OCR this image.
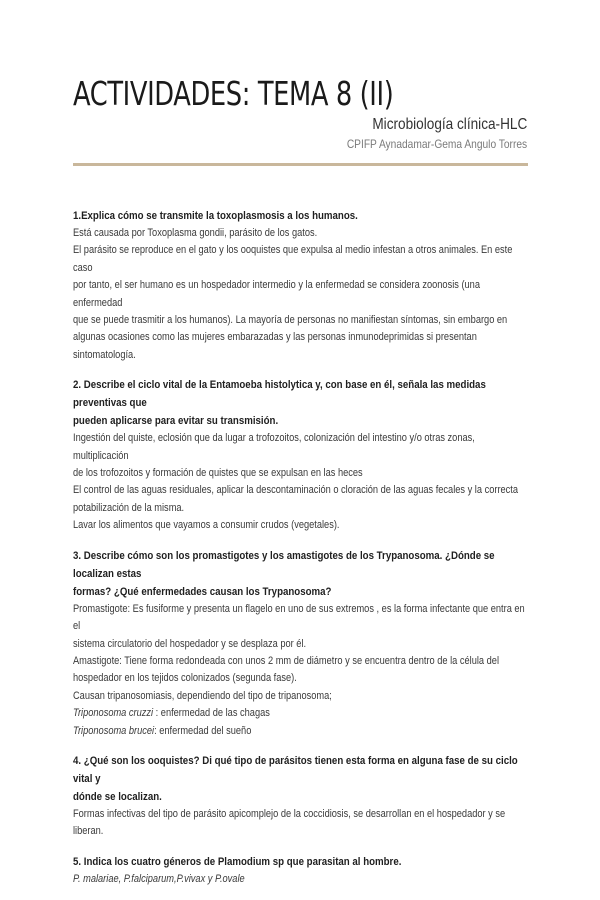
ACTIVIDADES: TEMA 8 (II)
Microbiología clínica-HLC
CPIFP Aynadamar-Gema Angulo Torres

1.Explica cómo se transmite la toxoplasmosis a los humanos.

Está causada por Toxoplasma gondii, parásito de los gatos.

El parásito se reproduce en el gato y los ooquistes que expulsa al medio infestan a otros animales. En este caso

por tanto, el ser humano es un hospedador intermedio y la enfermedad se considera zoonosis (una enfermedad

que se puede trasmitir a los humanos). La mayoría de personas no manifiestan síntomas, sin embargo en

algunas ocasiones como las mujeres embarazadas y las personas inmunodeprimidas si presentan sintomatología.

2. Describe el ciclo vital de la Entamoeba histolytica y, con base en él, señala las medidas preventivas que

pueden aplicarse para evitar su transmisión.

Ingestión del quiste, eclosión que da lugar a trofozoitos, colonización del intestino y/o otras zonas, multiplicación

de los trofozoitos y formación de quistes que se expulsan en las heces

El control de las aguas residuales, aplicar la descontaminación o cloración de las aguas fecales y la correcta

potabilización de la misma.

Lavar los alimentos que vayamos a consumir crudos (vegetales).

3. Describe cómo son los promastigotes y los amastigotes de los Trypanosoma. ¿Dónde se localizan estas

formas? ¿Qué enfermedades causan los Trypanosoma?

Promastigote: Es fusiforme y presenta un flagelo en uno de sus extremos , es la forma infectante que entra en el

sistema circulatorio del hospedador y se desplaza por él.

Amastigote: Tiene forma redondeada con unos 2 mm de diámetro y se encuentra dentro de la célula del

hospedador en los tejidos colonizados (segunda fase).

Causan tripanosomiasis, dependiendo del tipo de tripanosoma;

Triponosoma cruzzi : enfermedad de las chagas

Triponosoma brucei: enfermedad del sueño

4. ¿Qué son los ooquistes? Di qué tipo de parásitos tienen esta forma en alguna fase de su ciclo vital y

dónde se localizan.

Formas infectivas del tipo de parásito apicomplejo de la coccidiosis, se desarrollan en el hospedador y se liberan.

5. Indica los cuatro géneros de Plamodium sp que parasitan al hombre.

P. malariae, P.falciparum,P.vivax y P.ovale
